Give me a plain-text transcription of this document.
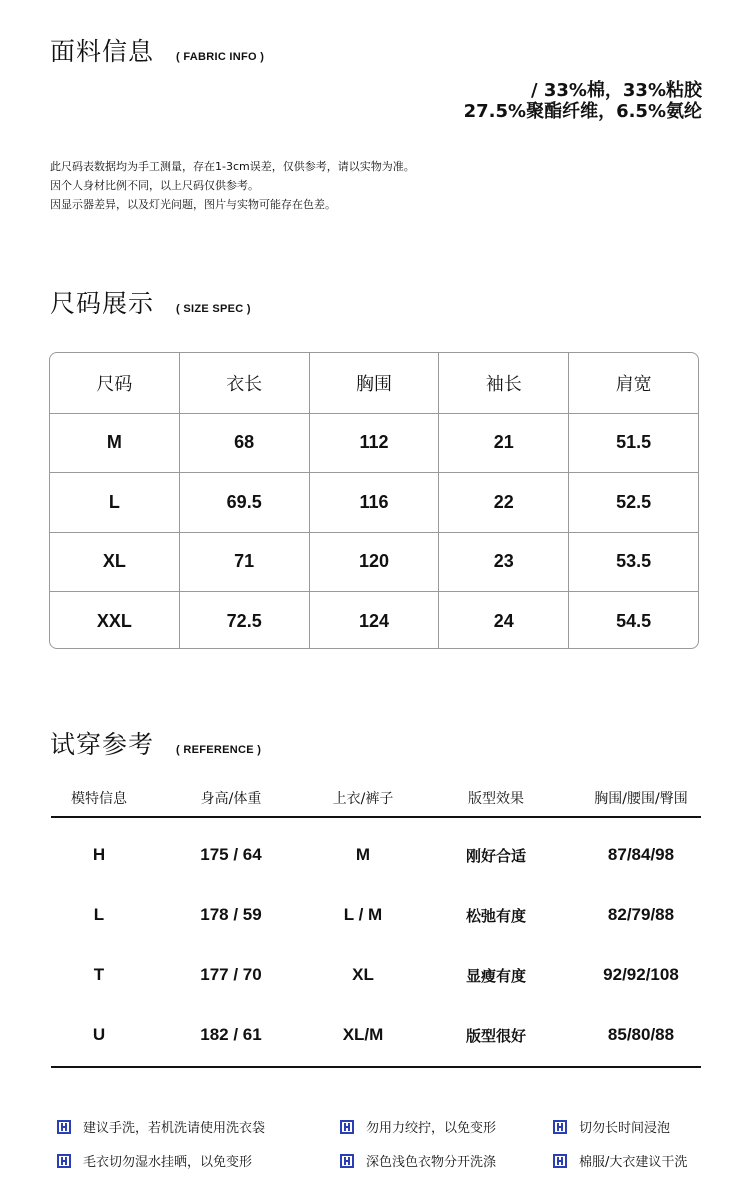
面料信息 ( FABRIC INFO )
/ 33%棉，33%粘胶
27.5%聚酯纤维，6.5%氨纶
此尺码表数据均为手工测量，存在1-3cm误差，仅供参考，请以实物为准。
因个人身材比例不同，以上尺码仅供参考。
因显示器差异，以及灯光问题，图片与实物可能存在色差。
尺码展示 ( SIZE SPEC )
尺码	衣长	胸围	袖长	肩宽
M	68	112	21	51.5
L	69.5	116	22	52.5
XL	71	120	23	53.5
XXL	72.5	124	24	54.5
试穿参考 ( REFERENCE )
模特信息	身高/体重	上衣/裤子	版型效果	胸围/腰围/臀围
H	175 / 64	M	刚好合适	87/84/98
L	178 / 59	L / M	松弛有度	82/79/88
T	177 / 70	XL	显瘦有度	92/92/108
U	182 / 61	XL/M	版型很好	85/80/88
建议手洗，若机洗请使用洗衣袋	勿用力绞拧，以免变形	切勿长时间浸泡
毛衣切勿湿水挂晒，以免变形	深色浅色衣物分开洗涤	棉服/大衣建议干洗
